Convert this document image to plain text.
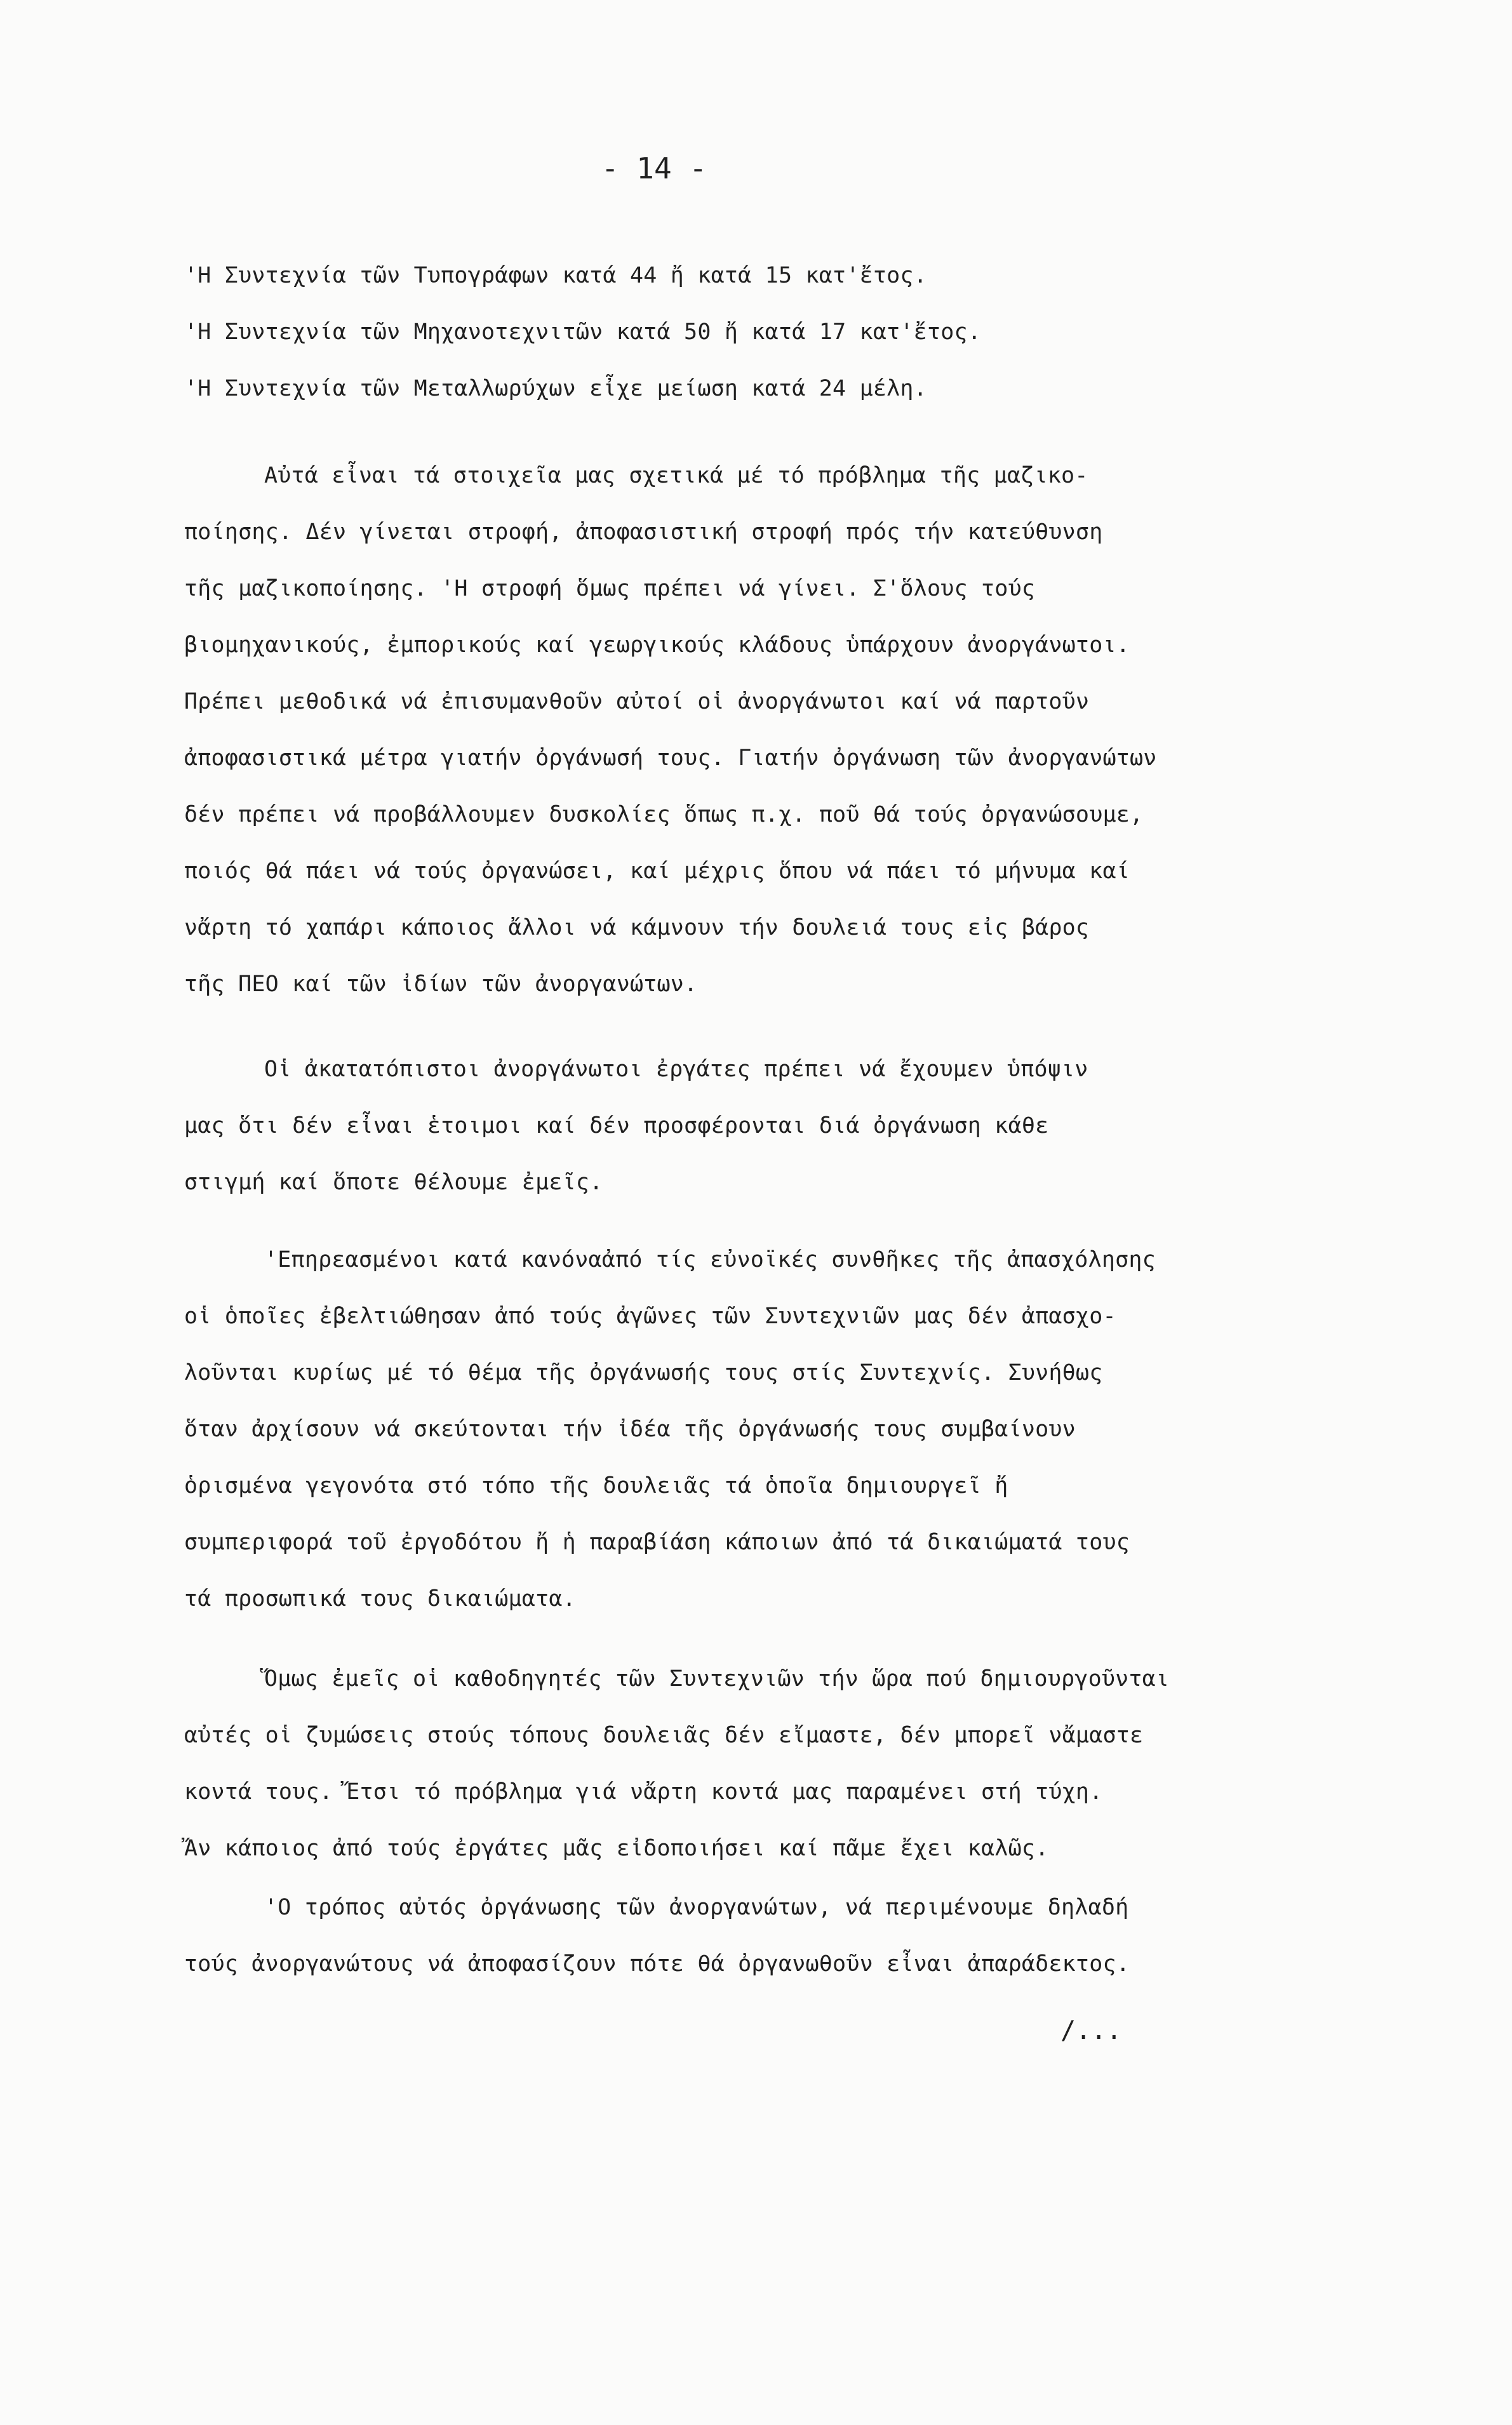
- 14 -
'Η Συντεχνία τῶν Τυπογράφων κατά 44 ἤ κατά 15 κατ'ἔτος.
'Η Συντεχνία τῶν Μηχανοτεχνιτῶν κατά 50 ἤ κατά 17 κατ'ἔτος.
'Η Συντεχνία τῶν Μεταλλωρύχων εἶχε μείωση κατά 24 μέλη.
Αὐτά εἶναι τά στοιχεῖα μας σχετικά μέ τό πρόβλημα τῆς μαζικο-
ποίησης. Δέν γίνεται στροφή, ἀποφασιστική στροφή πρός τήν κατεύθυνση
τῆς μαζικοποίησης. 'Η στροφή ὅμως πρέπει νά γίνει. Σ'ὅλους τούς
βιομηχανικούς, ἐμπορικούς καί γεωργικούς κλάδους ὑπάρχουν ἀνοργάνωτοι.
Πρέπει μεθοδικά νά ἐπισυμανθοῦν αὐτοί οἱ ἀνοργάνωτοι καί νά παρτοῦν
ἀποφασιστικά μέτρα γιατήν ὀργάνωσή τους. Γιατήν ὀργάνωση τῶν ἀνοργανώτων
δέν πρέπει νά προβάλλουμεν δυσκολίες ὅπως π.χ. ποῦ θά τούς ὀργανώσουμε,
ποιός θά πάει νά τούς ὀργανώσει, καί μέχρις ὅπου νά πάει τό μήνυμα καί
νἄρτη τό χαπάρι κάποιος ἄλλοι νά κάμνουν τήν δουλειά τους εἰς βάρος
τῆς ΠΕΟ καί τῶν ἰδίων τῶν ἀνοργανώτων.
Οἱ ἀκατατόπιστοι ἀνοργάνωτοι ἐργάτες πρέπει νά ἔχουμεν ὑπόψιν
μας ὅτι δέν εἶναι ἑτοιμοι καί δέν προσφέρονται διά ὀργάνωση κάθε
στιγμή καί ὅποτε θέλουμε ἐμεῖς.
'Επηρεασμένοι κατά κανόναἀπό τίς εὐνοϊκές συνθῆκες τῆς ἀπασχόλησης
οἱ ὁποῖες ἐβελτιώθησαν ἀπό τούς ἀγῶνες τῶν Συντεχνιῶν μας δέν ἀπασχο-
λοῦνται κυρίως μέ τό θέμα τῆς ὀργάνωσής τους στίς Συντεχνίς. Συνήθως
ὅταν ἀρχίσουν νά σκεύτονται τήν ἰδέα τῆς ὀργάνωσής τους συμβαίνουν
ὁρισμένα γεγονότα στό τόπο τῆς δουλειᾶς τά ὁποῖα δημιουργεῖ ἤ
συμπεριφορά τοῦ ἐργοδότου ἤ ἡ παραβίάση κάποιων ἀπό τά δικαιώματά τους
τά προσωπικά τους δικαιώματα.
Ὅμως ἐμεῖς οἱ καθοδηγητές τῶν Συντεχνιῶν τήν ὥρα πού δημιουργοῦνται
αὐτές οἱ ζυμώσεις στούς τόπους δουλειᾶς δέν εἴμαστε, δέν μπορεῖ νἄμαστε
κοντά τους. Ἔτσι τό πρόβλημα γιά νἄρτη κοντά μας παραμένει στή τύχη.
Ἄν κάποιος ἀπό τούς ἐργάτες μᾶς εἰδοποιήσει καί πᾶμε ἔχει καλῶς.
'Ο τρόπος αὐτός ὀργάνωσης τῶν ἀνοργανώτων, νά περιμένουμε δηλαδή
τούς ἀνοργανώτους νά ἀποφασίζουν πότε θά ὀργανωθοῦν εἶναι ἀπαράδεκτος.
/...
